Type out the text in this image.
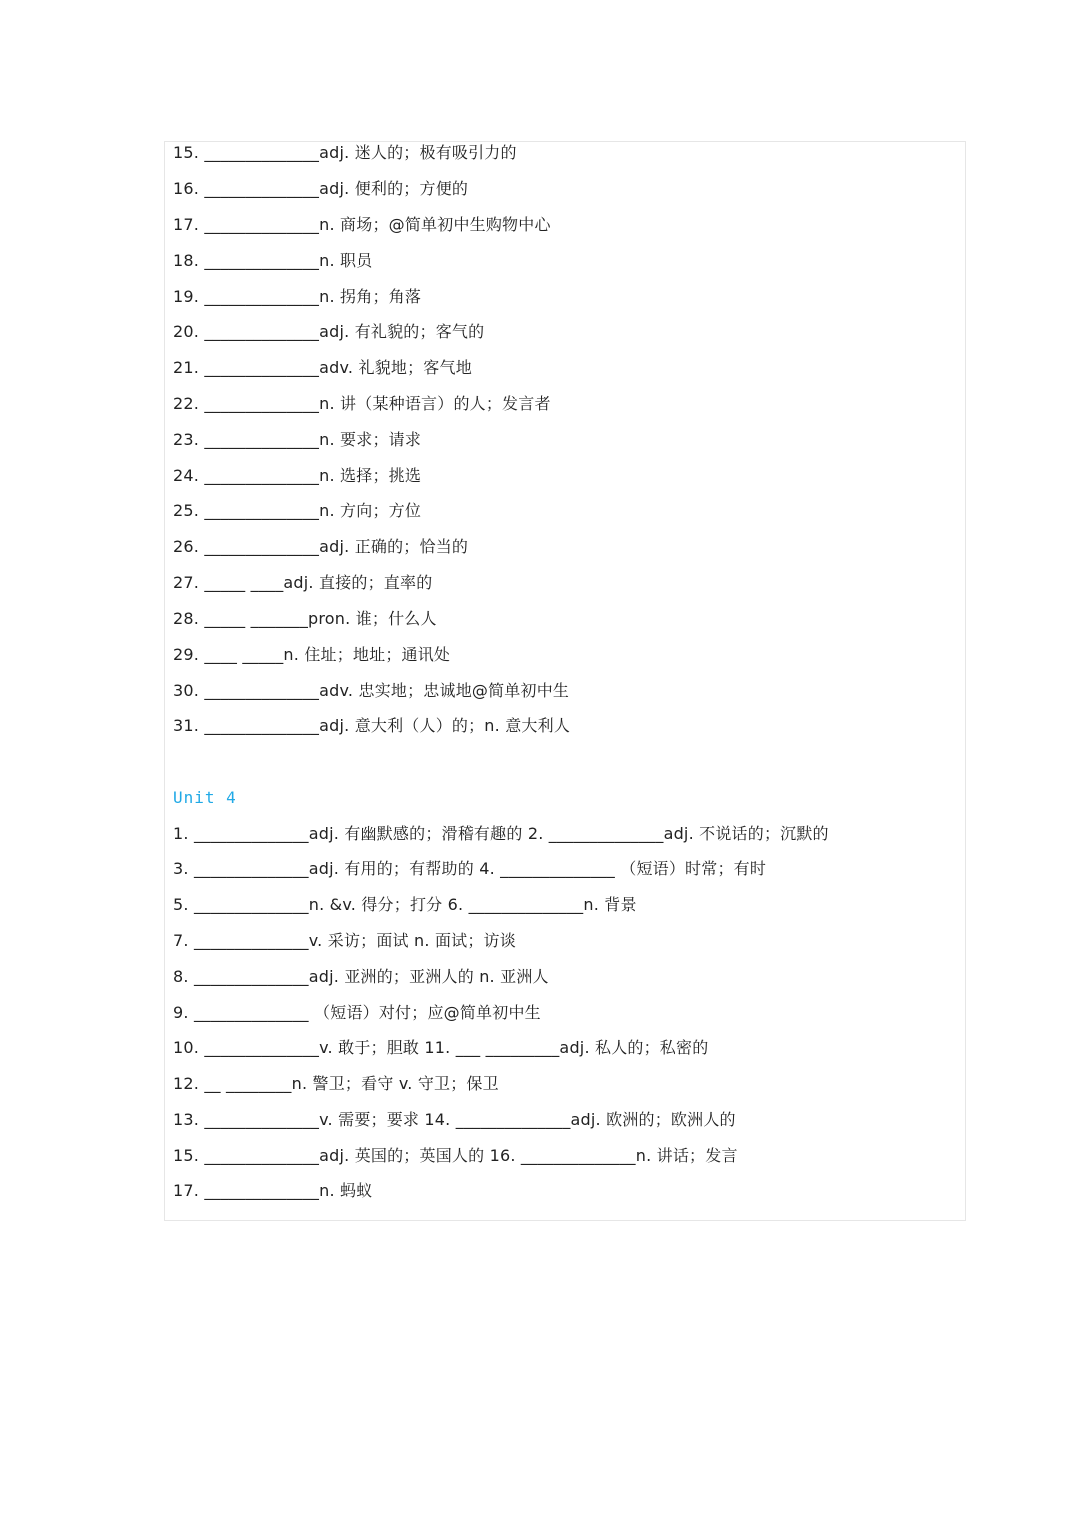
15. ______________adj. 迷人的；极有吸引力的
16. ______________adj. 便利的；方便的
17. ______________n. 商场；@简单初中生购物中心
18. ______________n. 职员
19. ______________n. 拐角；角落
20. ______________adj. 有礼貌的；客气的
21. ______________adv. 礼貌地；客气地
22. ______________n. 讲（某种语言）的人；发言者
23. ______________n. 要求；请求
24. ______________n. 选择；挑选
25. ______________n. 方向；方位
26. ______________adj. 正确的；恰当的
27. _____ ____adj. 直接的；直率的
28. _____ _______pron. 谁；什么人
29. ____ _____n. 住址；地址；通讯处
30. ______________adv. 忠实地；忠诚地@简单初中生
31. ______________adj. 意大利（人）的；n. 意大利人
Unit 4
1. ______________adj. 有幽默感的；滑稽有趣的 2. ______________adj. 不说话的；沉默的
3. ______________adj. 有用的；有帮助的 4. ______________ （短语）时常；有时
5. ______________n. &v. 得分；打分 6. ______________n. 背景
7. ______________v. 采访；面试 n. 面试；访谈
8. ______________adj. 亚洲的；亚洲人的 n. 亚洲人
9. ______________ （短语）对付；应@简单初中生
10. ______________v. 敢于；胆敢 11. ___ _________adj. 私人的；私密的
12. __ ________n. 警卫；看守 v. 守卫；保卫
13. ______________v. 需要；要求 14. ______________adj. 欧洲的；欧洲人的
15. ______________adj. 英国的；英国人的 16. ______________n. 讲话；发言
17. ______________n. 蚂蚁
